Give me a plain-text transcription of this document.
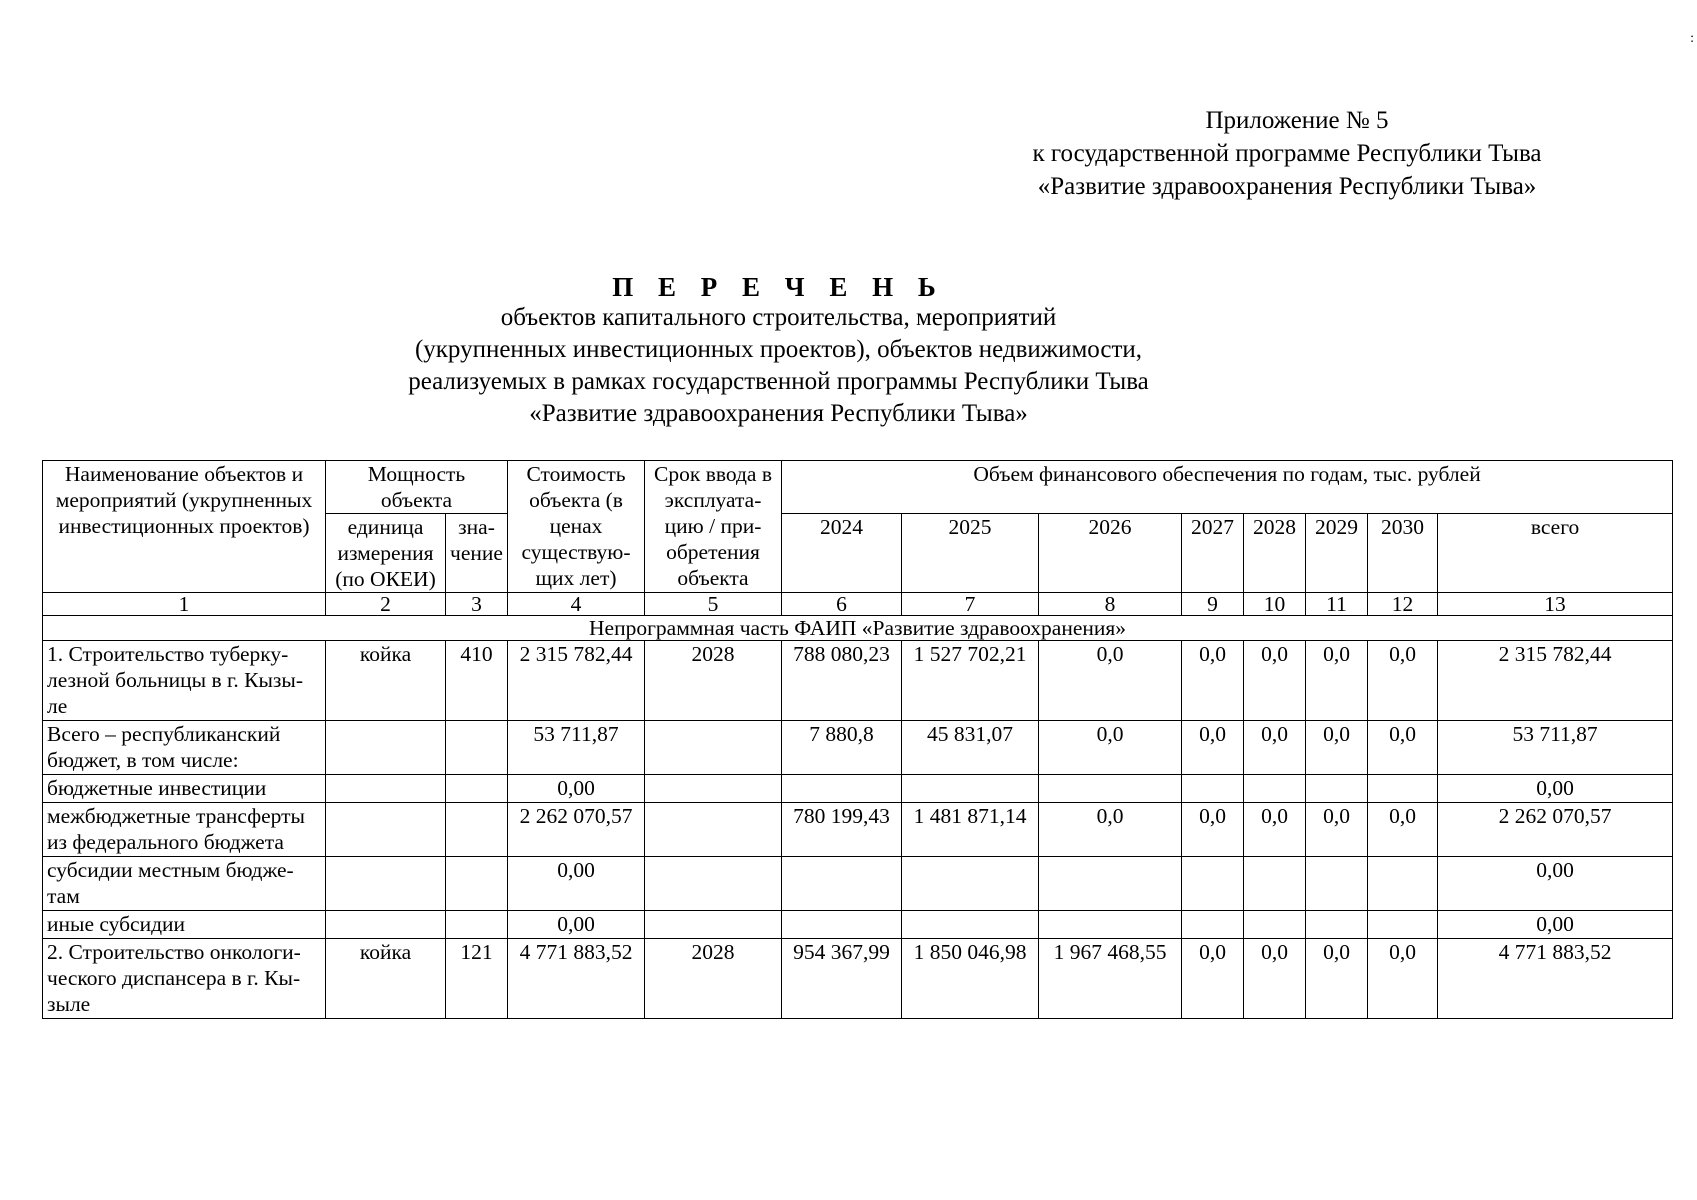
:
Приложение № 5
к государственной программе Республики Тыва
«Развитие здравоохранения Республики Тыва»
П Е Р Е Ч Е Н Ь
объектов капитального строительства, мероприятий
(укрупненных инвестиционных проектов), объектов недвижимости,
реализуемых в рамках государственной программы Республики Тыва
«Развитие здравоохранения Республики Тыва»
Наименование объектов и мероприятий (укрупненных инвестиционных проектов)	Мощность объекта		Стоимость объекта (в ценах существую-щих лет)	Срок ввода в эксплуата-цию / при-обретения объекта	Объем финансового обеспечения по годам, тыс. рублей							
	единица измерения (по ОКЕИ)	зна-чение			2024	2025	2026	2027	2028	2029	2030	всего
1	2	3	4	5	6	7	8	9	10	11	12	13
Непрограммная часть ФАИП «Развитие здравоохранения»												
1. Строительство туберку-лезной больницы в г. Кызы-ле	койка	410	2 315 782,44	2028	788 080,23	1 527 702,21	0,0	0,0	0,0	0,0	0,0	2 315 782,44
Всего – республиканский бюджет, в том числе:			53 711,87		7 880,8	45 831,07	0,0	0,0	0,0	0,0	0,0	53 711,87
бюджетные инвестиции			0,00									0,00
межбюджетные трансферты из федерального бюджета			2 262 070,57		780 199,43	1 481 871,14	0,0	0,0	0,0	0,0	0,0	2 262 070,57
субсидии местным бюдже-там			0,00									0,00
иные субсидии			0,00									0,00
2. Строительство онкологи-ческого диспансера в г. Кы-зыле	койка	121	4 771 883,52	2028	954 367,99	1 850 046,98	1 967 468,55	0,0	0,0	0,0	0,0	4 771 883,52
